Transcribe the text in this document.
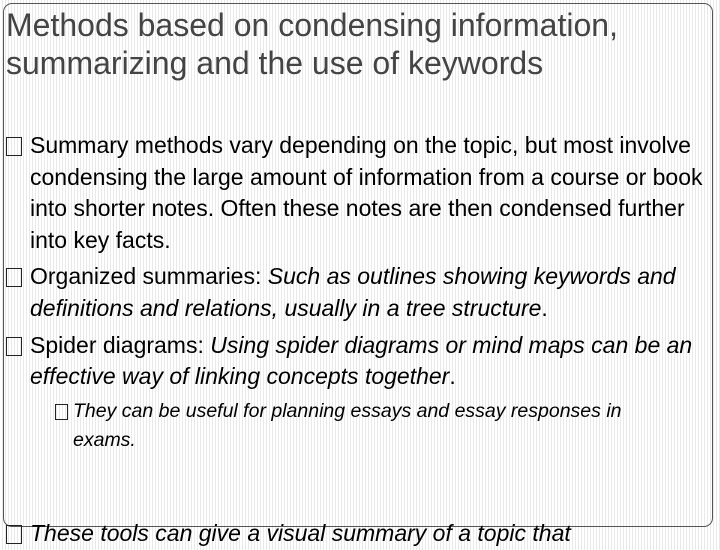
Methods based on condensing information,
summarizing and the use of keywords
Summary methods vary depending on the topic, but most involve condensing the large amount of information from a course or book into shorter notes. Often these notes are then condensed further into key facts.
Organized summaries: Such as outlines showing keywords and definitions and relations, usually in a tree structure.
Spider diagrams: Using spider diagrams or mind maps can be an effective way of linking concepts together.
They can be useful for planning essays and essay responses in exams.
These tools can give a visual summary of a topic that
